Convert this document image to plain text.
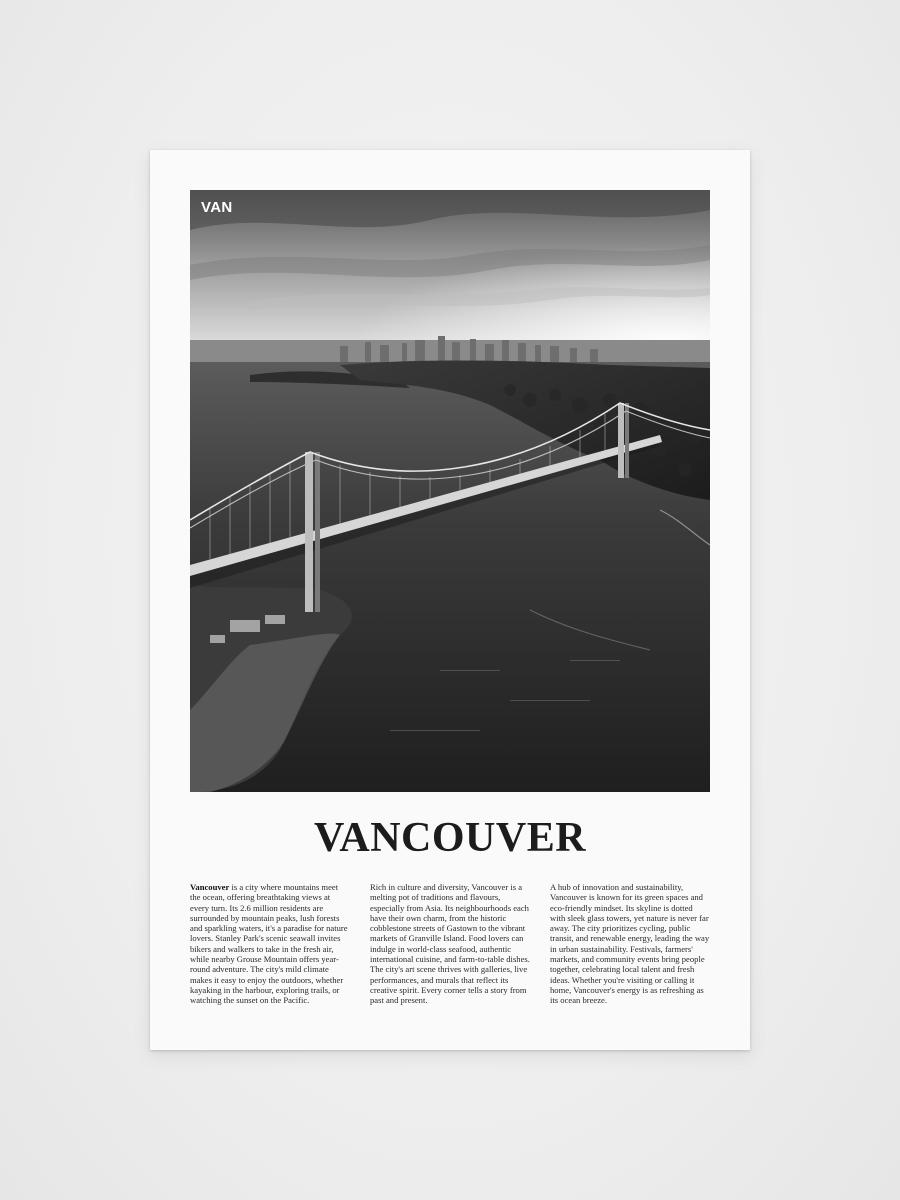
VAN
VANCOUVER

Vancouver is a city where mountains meet the ocean, offering breathtaking views at every turn. Its 2.6 million residents are surrounded by mountain peaks, lush forests and sparkling waters, it's a paradise for nature lovers. Stanley Park's scenic seawall invites bikers and walkers to take in the fresh air, while nearby Grouse Mountain offers year-round adventure. The city's mild climate makes it easy to enjoy the outdoors, whether kayaking in the harbour, exploring trails, or watching the sunset on the Pacific.

Rich in culture and diversity, Vancouver is a melting pot of traditions and flavours, especially from Asia. Its neighbourhoods each have their own charm, from the historic cobblestone streets of Gastown to the vibrant markets of Granville Island. Food lovers can indulge in world-class seafood, authentic international cuisine, and farm-to-table dishes. The city's art scene thrives with galleries, live performances, and murals that reflect its creative spirit. Every corner tells a story from past and present.

A hub of innovation and sustainability, Vancouver is known for its green spaces and eco-friendly mindset. Its skyline is dotted with sleek glass towers, yet nature is never far away. The city prioritizes cycling, public transit, and renewable energy, leading the way in urban sustainability. Festivals, farmers' markets, and community events bring people together, celebrating local talent and fresh ideas. Whether you're visiting or calling it home, Vancouver's energy is as refreshing as its ocean breeze.
